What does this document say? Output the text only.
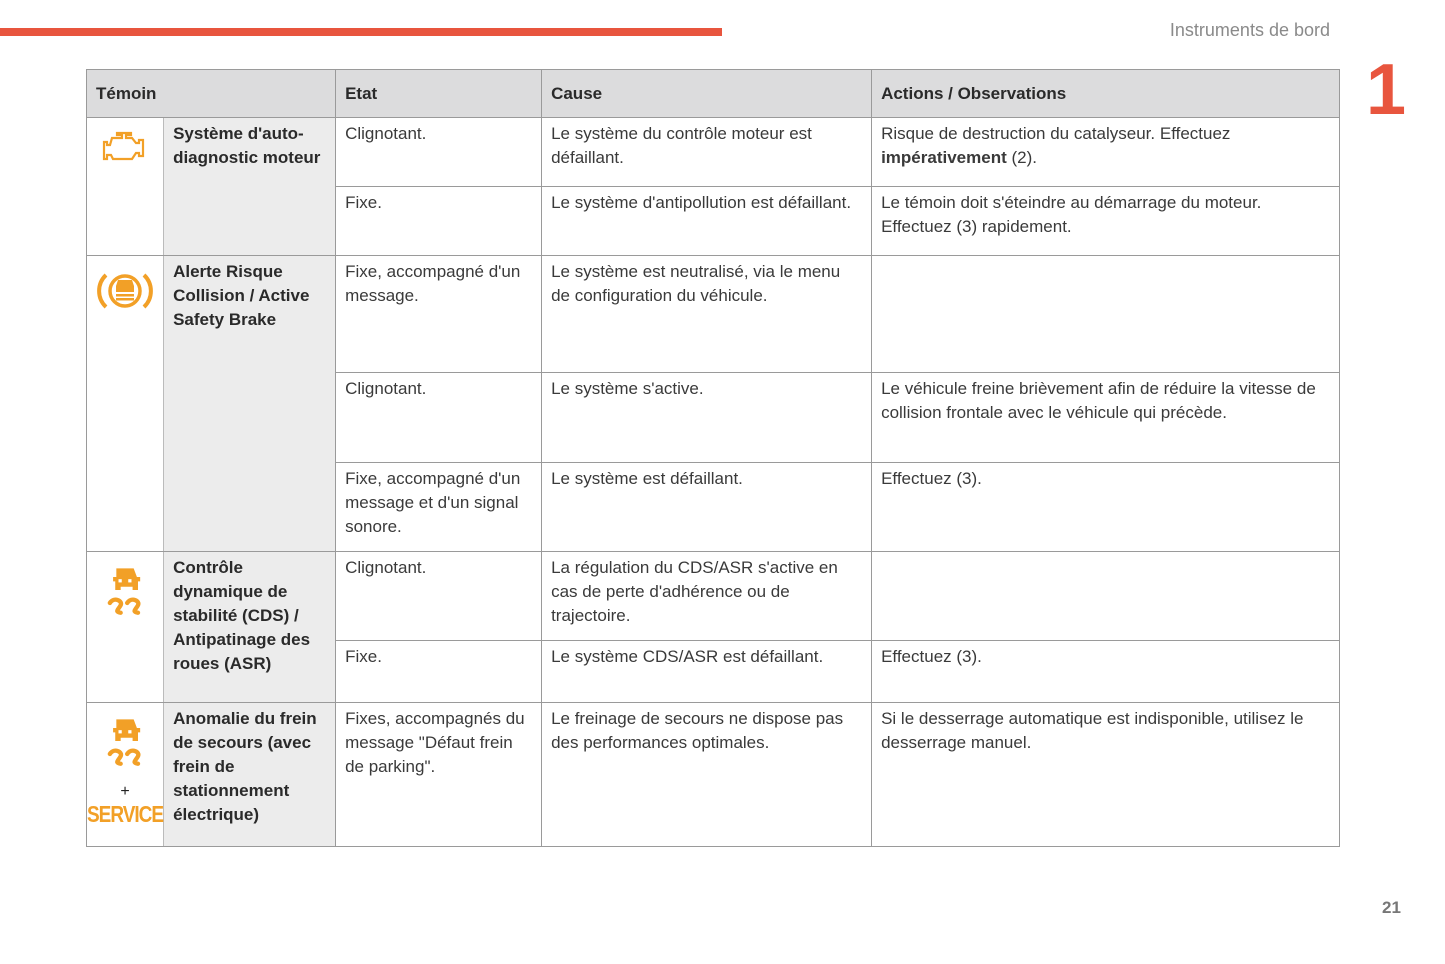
Instruments de bord
1
21
Témoin		Etat	Cause	Actions / Observations
	Système d'auto-diagnostic moteur	Clignotant.	Le système du contrôle moteur est défaillant.	Risque de destruction du catalyseur. Effectuez impérativement (2).
		Fixe.	Le système d'antipollution est défaillant.	Le témoin doit s'éteindre au démarrage du moteur. Effectuez (3) rapidement.
	Alerte Risque Collision / Active Safety Brake	Fixe, accompagné d'un message.	Le système est neutralisé, via le menu de configuration du véhicule.	
		Clignotant.	Le système s'active.	Le véhicule freine brièvement afin de réduire la vitesse de collision frontale avec le véhicule qui précède.
		Fixe, accompagné d'un message et d'un signal sonore.	Le système est défaillant.	Effectuez (3).
	Contrôle dynamique de stabilité (CDS) / Antipatinage des roues (ASR)	Clignotant.	La régulation du CDS/ASR s'active en cas de perte d'adhérence ou de trajectoire.	
		Fixe.	Le système CDS/ASR est défaillant.	Effectuez (3).

+
SERVICE	Anomalie du frein de secours (avec frein de stationnement électrique)	Fixes, accompagnés du message "Défaut frein de parking".	Le freinage de secours ne dispose pas des performances optimales.	Si le desserrage automatique est indisponible, utilisez le desserrage manuel.
